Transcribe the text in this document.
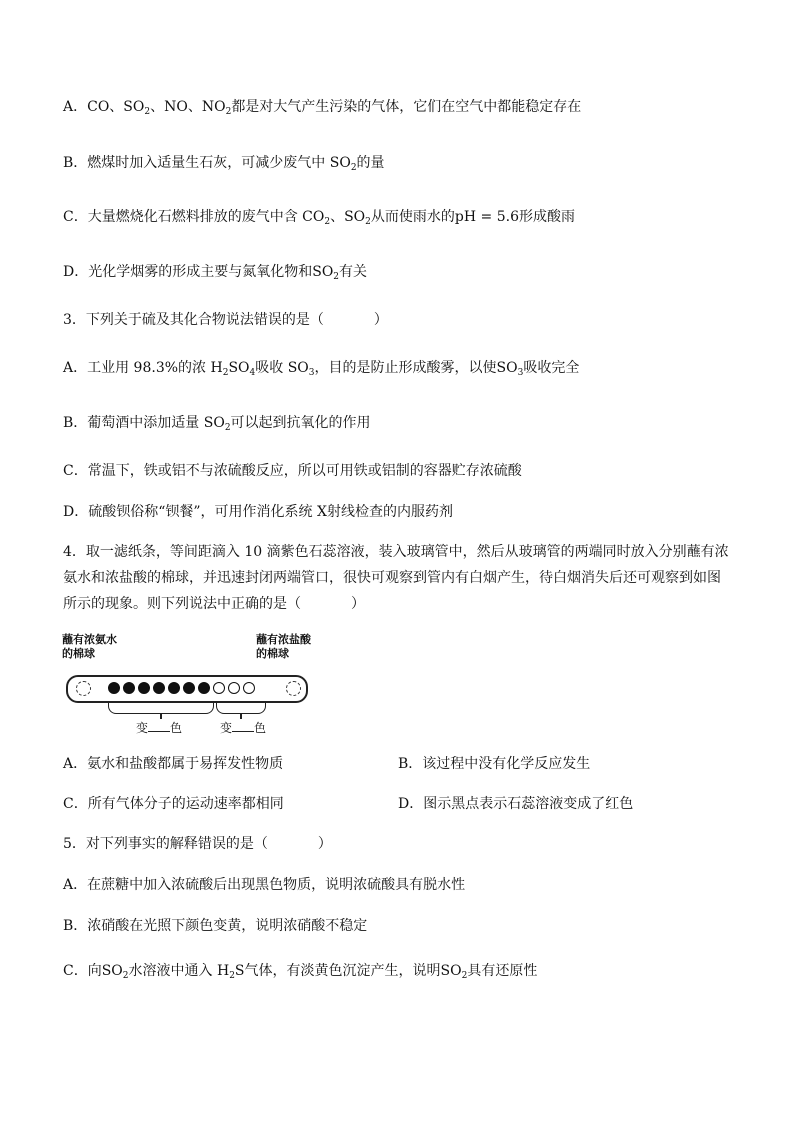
A．CO、$SO_2$、NO、$NO_2$都是对大气产生污染的气体，它们在空气中都能稳定存在
B．燃煤时加入适量生石灰，可减少废气中 $SO_2$的量
C．大量燃烧化石燃料排放的废气中含 $CO_2$、$SO_2$从而使雨水的pH = 5.6形成酸雨
D．光化学烟雾的形成主要与氮氧化物和$SO_2$有关
3．下列关于硫及其化合物说法错误的是（	）
A．工业用 98.3%的浓 $H_2SO_4$吸收 $SO_3$，目的是防止形成酸雾，以使$SO_3$吸收完全
B．葡萄酒中添加适量 $SO_2$可以起到抗氧化的作用
C．常温下，铁或铝不与浓硫酸反应，所以可用铁或铝制的容器贮存浓硫酸
D．硫酸钡俗称“钡餐”，可用作消化系统 X射线检查的内服药剂
4．取一滤纸条，等间距滴入 10 滴紫色石蕊溶液，装入玻璃管中，然后从玻璃管的两端同时放入分别蘸有浓氨水和浓盐酸的棉球，并迅速封闭两端管口，很快可观察到管内有白烟产生，待白烟消失后还可观察到如图所示的现象。则下列说法中正确的是（	）
蘸有浓氨水的棉球
蘸有浓盐酸的棉球
变 色	变 色
A．氨水和盐酸都属于易挥发性物质	B．该过程中没有化学反应发生
C．所有气体分子的运动速率都相同	D．图示黑点表示石蕊溶液变成了红色
5．对下列事实的解释错误的是（	）
A．在蔗糖中加入浓硫酸后出现黑色物质，说明浓硫酸具有脱水性
B．浓硝酸在光照下颜色变黄，说明浓硝酸不稳定
C．向$SO_2$水溶液中通入 $H_2S$气体，有淡黄色沉淀产生，说明$SO_2$具有还原性
